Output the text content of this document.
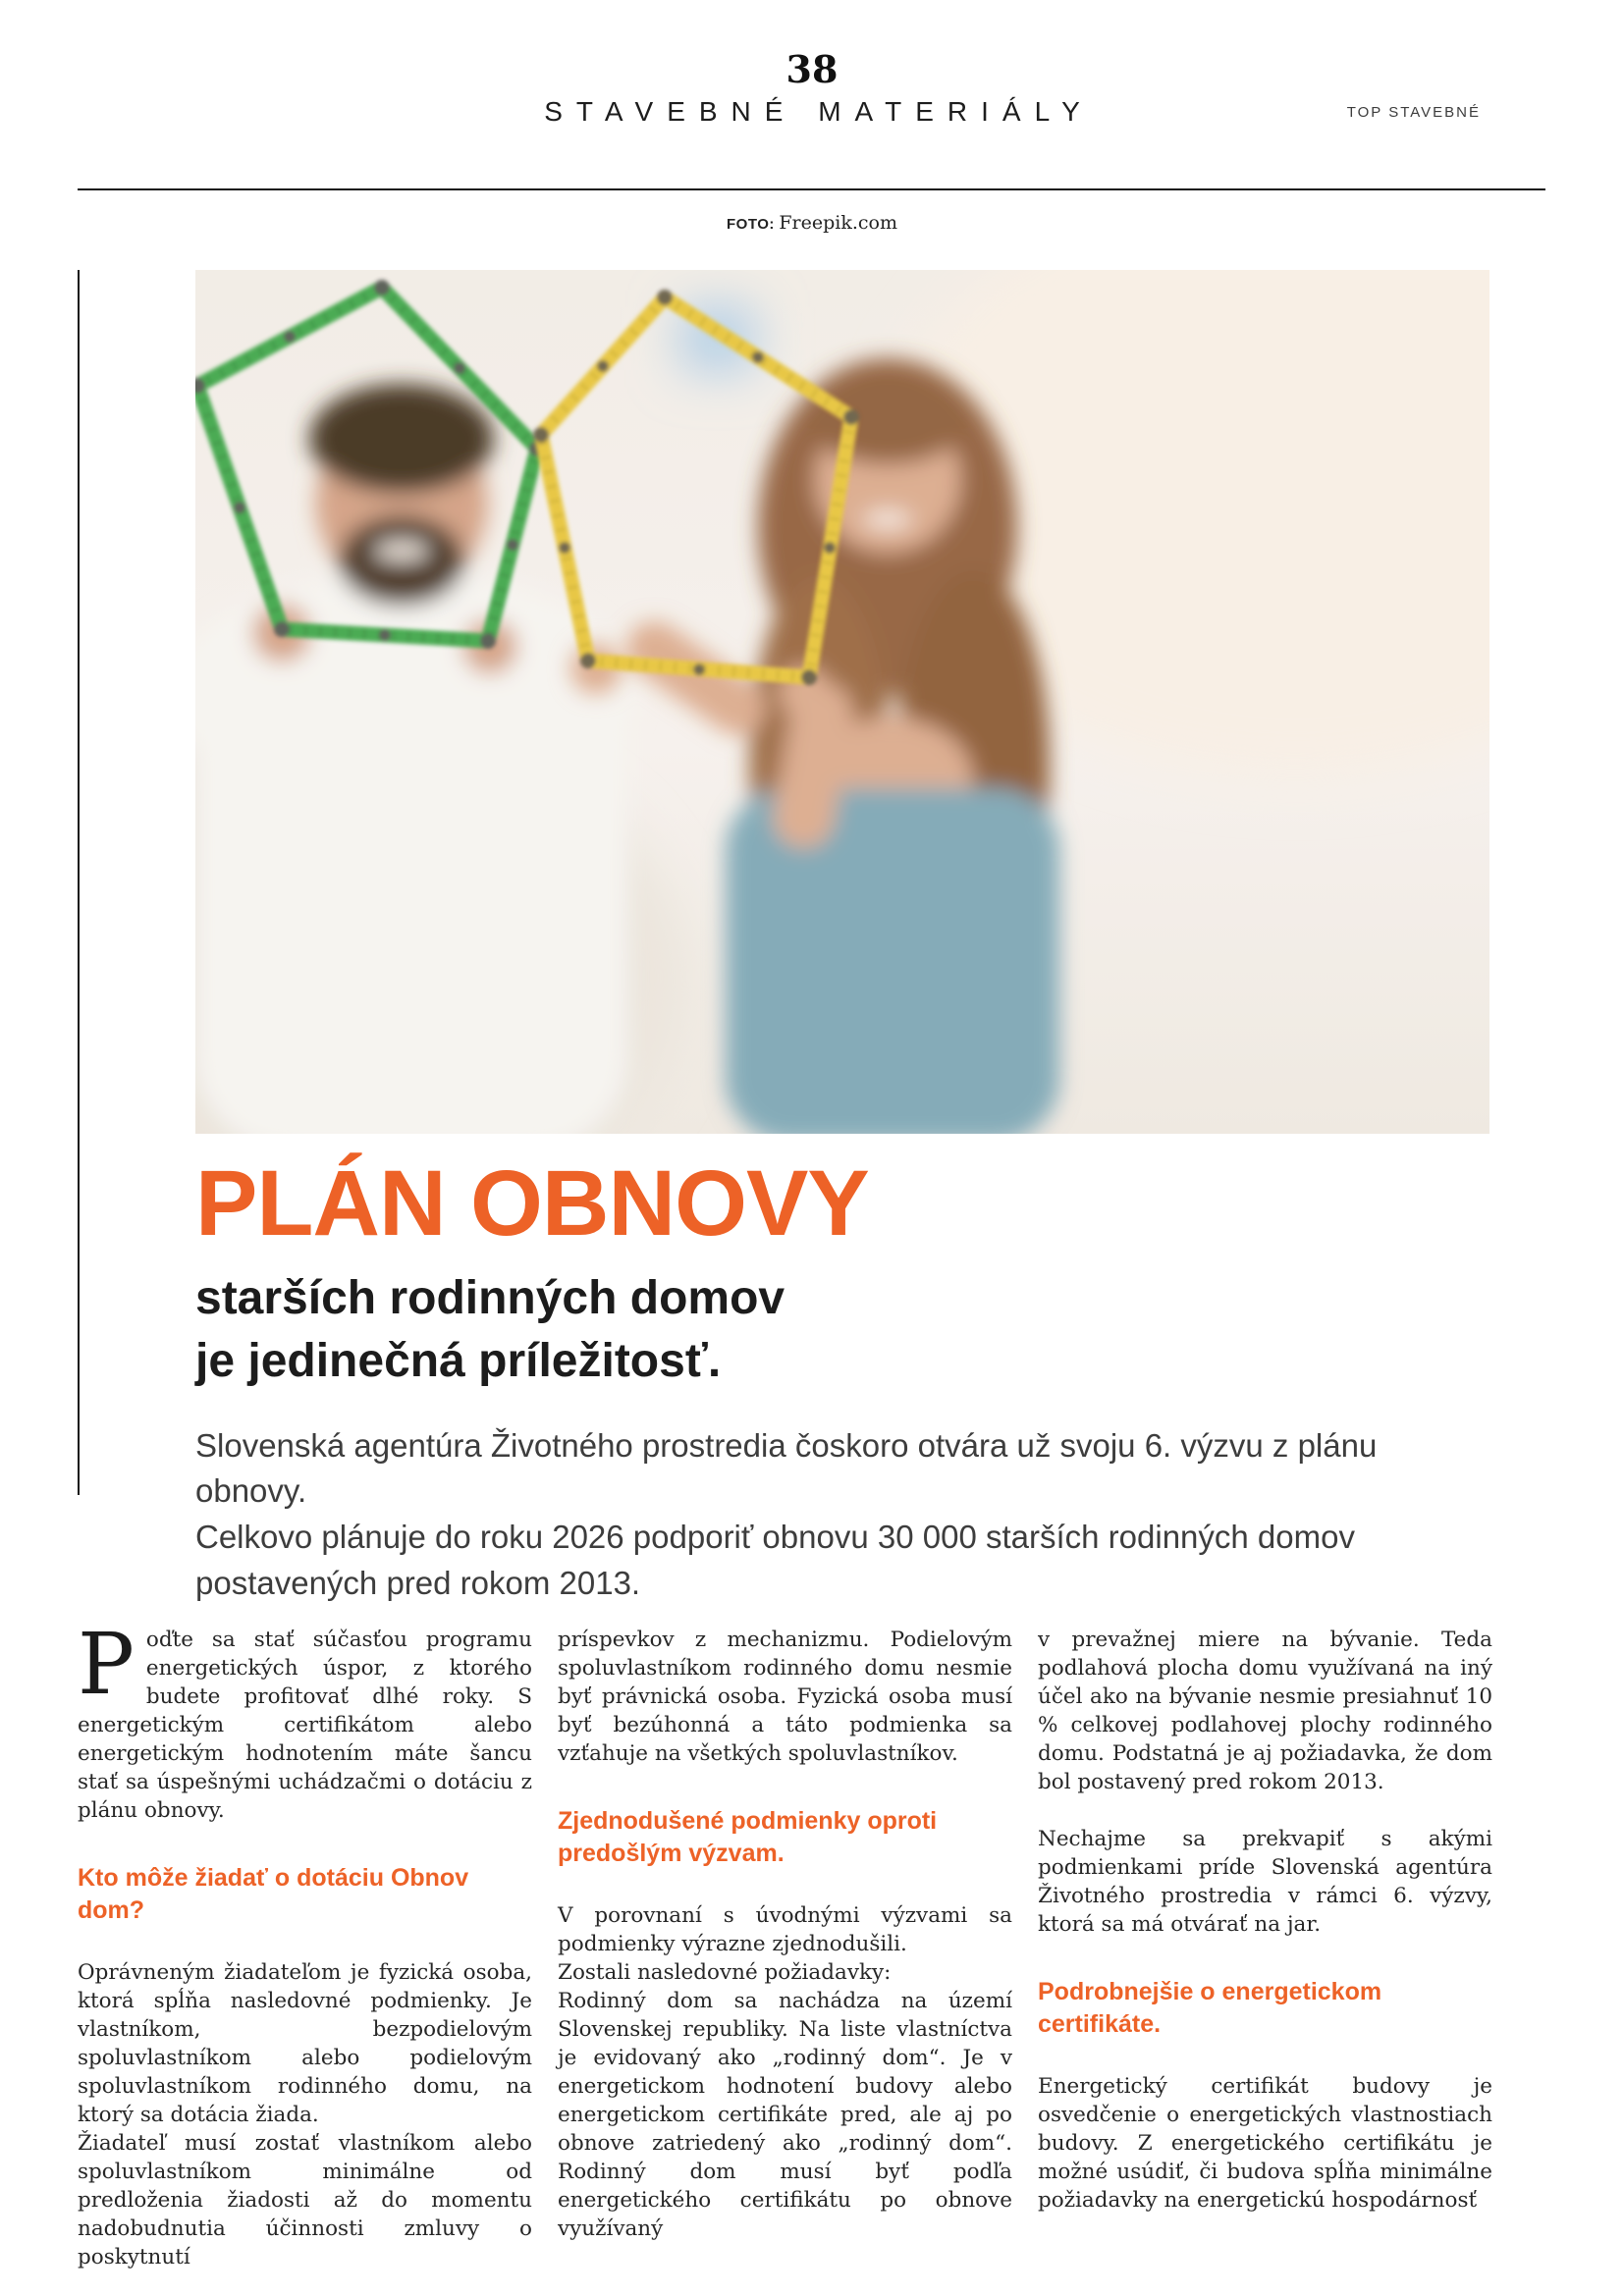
38
STAVEBNÉ MATERIÁLY	TOP STAVEBNÉ
FOTO: Freepik.com
PLÁN OBNOVY
starších rodinných domov
je jedinečná príležitosť.

Slovenská agentúra Životného prostredia čoskoro otvára už svoju 6. výzvu z plánu obnovy.
Celkovo plánuje do roku 2026 podporiť obnovu 30 000 starších rodinných domov postavených pred rokom 2013.

Poďte sa stať súčasťou programu energetických úspor, z ktorého budete profitovať dlhé roky. S energetickým certifikátom alebo energetickým hodnotením máte šancu stať sa úspešnými uchádzačmi o dotáciu z plánu obnovy.

Kto môže žiadať o dotáciu Obnov dom?

Oprávneným žiadateľom je fyzická osoba, ktorá spĺňa nasledovné podmienky. Je vlastníkom, bezpodielovým spoluvlastníkom alebo podielovým spoluvlastníkom rodinného domu, na ktorý sa dotácia žiada.

Žiadateľ musí zostať vlastníkom alebo spoluvlastníkom minimálne od predloženia žiadosti až do momentu nadobudnutia účinnosti zmluvy o poskytnutí

príspevkov z mechanizmu. Podielovým spoluvlastníkom rodinného domu nesmie byť právnická osoba. Fyzická osoba musí byť bezúhonná a táto podmienka sa vzťahuje na všetkých spoluvlastníkov.

Zjednodušené podmienky oproti predošlým výzvam.

V porovnaní s úvodnými výzvami sa podmienky výrazne zjednodušili.

Zostali nasledovné požiadavky:

Rodinný dom sa nachádza na území Slovenskej republiky. Na liste vlastníctva je evidovaný ako „rodinný dom“. Je v energetickom hodnotení budovy alebo energetickom certifikáte pred, ale aj po obnove zatriedený ako „rodinný dom“. Rodinný dom musí byť podľa energetického certifikátu po obnove využívaný

v prevažnej miere na bývanie. Teda podlahová plocha domu využívaná na iný účel ako na bývanie nesmie presiahnuť 10 % celkovej podlahovej plochy rodinného domu. Podstatná je aj požiadavka, že dom bol postavený pred rokom 2013.

Nechajme sa prekvapiť s akými podmienkami príde Slovenská agentúra Životného prostredia v rámci 6. výzvy, ktorá sa má otvárať na jar.

Podrobnejšie o energetickom certifikáte.

Energetický certifikát budovy je osvedčenie o energetických vlastnostiach budovy. Z energetického certifikátu je možné usúdiť, či budova spĺňa minimálne požiadavky na energetickú hospodárnosť
